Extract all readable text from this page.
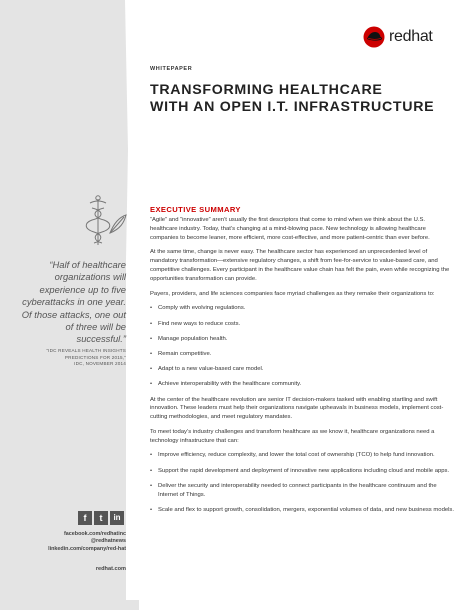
“Half of healthcare organizations will experience up to five cyberattacks in one year. Of those attacks, one out of three will be successful.”
“IDC REVEALS HEALTH INSIGHTS
PREDICTIONS FOR 2015,”
IDC, NOVEMBER 2014
f	t	in
facebook.com/redhatinc
@redhatnews
linkedin.com/company/red-hat
redhat.com
redhat
WHITEPAPER
TRANSFORMING HEALTHCARE
WITH AN OPEN I.T. INFRASTRUCTURE
EXECUTIVE SUMMARY

“Agile” and “innovative” aren’t usually the first descriptors that come to mind when we think about the U.S. healthcare industry. Today, that’s changing at a mind-blowing pace. New technology is allowing healthcare companies to become leaner, more efficient, more cost-effective, and more patient-centric than ever before.

At the same time, change is never easy. The healthcare sector has experienced an unprecedented level of mandatory transformation—extensive regulatory changes, a shift from fee-for-service to value-based care, and competitive challenges. Every participant in the healthcare value chain has felt the pain, even while recognizing the opportunities transformation can provide.

Payers, providers, and life sciences companies face myriad challenges as they remake their organizations to:

• Comply with evolving regulations.
• Find new ways to reduce costs.
• Manage population health.
• Remain competitive.
• Adapt to a new value-based care model.
• Achieve interoperability with the healthcare community.

At the center of the healthcare revolution are senior IT decision-makers tasked with enabling startling and swift innovation. These leaders must help their organizations navigate upheavals in business models, implement cost-cutting methodologies, and meet regulatory mandates.

To meet today’s industry challenges and transform healthcare as we know it, healthcare organizations need a technology infrastructure that can:

• Improve efficiency, reduce complexity, and lower the total cost of ownership (TCO) to help fund innovation.
• Support the rapid development and deployment of innovative new applications including cloud and mobile apps.
• Deliver the security and interoperability needed to connect participants in the healthcare continuum and the Internet of Things.
• Scale and flex to support growth, consolidation, mergers, exponential volumes of data, and new business models.
